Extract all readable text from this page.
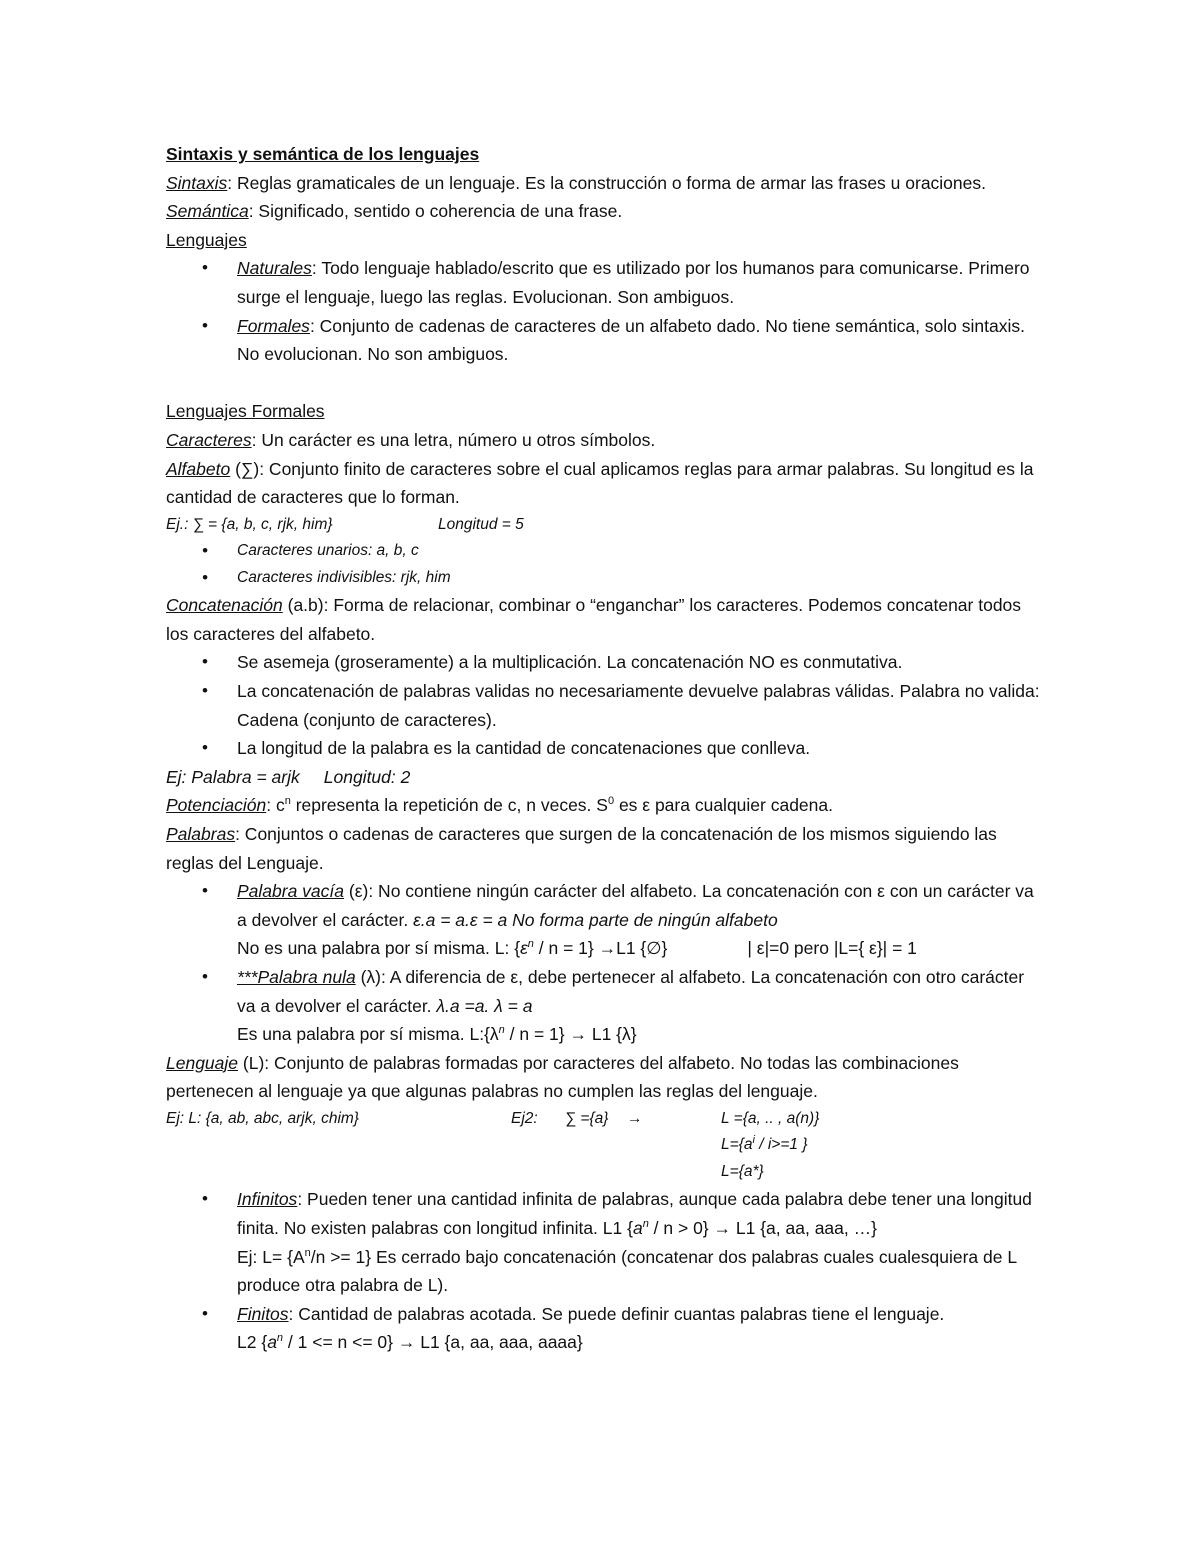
Sintaxis y semántica de los lenguajes

Sintaxis: Reglas gramaticales de un lenguaje. Es la construcción o forma de armar las frases u oraciones.

Semántica: Significado, sentido o coherencia de una frase.

Lenguajes

• Naturales: Todo lenguaje hablado/escrito que es utilizado por los humanos para comunicarse. Primero surge el lenguaje, luego las reglas. Evolucionan. Son ambiguos.
• Formales: Conjunto de cadenas de caracteres de un alfabeto dado. No tiene semántica, solo sintaxis. No evolucionan. No son ambiguos.

Lenguajes Formales

Caracteres: Un carácter es una letra, número u otros símbolos.

Alfabeto (∑): Conjunto finito de caracteres sobre el cual aplicamos reglas para armar palabras. Su longitud es la cantidad de caracteres que lo forman.

Ej.: ∑ = {a, b, c, rjk, him}	Longitud = 5

• Caracteres unarios: a, b, c
• Caracteres indivisibles: rjk, him

Concatenación (a.b): Forma de relacionar, combinar o “enganchar” los caracteres. Podemos concatenar todos los caracteres del alfabeto.

• Se asemeja (groseramente) a la multiplicación. La concatenación NO es conmutativa.
• La concatenación de palabras validas no necesariamente devuelve palabras válidas. Palabra no valida: Cadena (conjunto de caracteres).
• La longitud de la palabra es la cantidad de concatenaciones que conlleva.

Ej: Palabra = arjk Longitud: 2

Potenciación: $c^n$ representa la repetición de c, n veces. $S^0$ es ε para cualquier cadena.

Palabras: Conjuntos o cadenas de caracteres que surgen de la concatenación de los mismos siguiendo las reglas del Lenguaje.

• Palabra vacía (ε): No contiene ningún carácter del alfabeto. La concatenación con ε con un carácter va a devolver el carácter. ε.a = a.ε = a No forma parte de ningún alfabeto
No es una palabra por sí misma. L: $\{\varepsilon^n / n = 1\} \to L1$ {∅}	| ε|=0 pero |L={ ε}| = 1
• ***Palabra nula (λ): A diferencia de ε, debe pertenecer al alfabeto. La concatenación con otro carácter va a devolver el carácter. λ.a =a. λ = a
Es una palabra por sí misma. $L:\{\lambda^n / n = 1\} \to L1$ {λ}

Lenguaje (L): Conjunto de palabras formadas por caracteres del alfabeto. No todas las combinaciones pertenecen al lenguaje ya que algunas palabras no cumplen las reglas del lenguaje.

Ej: L: {a, ab, abc, arjk, chim}	Ej2: ∑ ={a} →	L ={a, .. , a(n)}
$L=\{a^i / i>=1$ }
L={a*}
• Infinitos: Pueden tener una cantidad infinita de palabras, aunque cada palabra debe tener una longitud finita. No existen palabras con longitud infinita. L1 $\{a^n / n > 0\} \to L1$ {a, aa, aaa, …}
Ej: $L= \{A^n/n >= 1\}$ Es cerrado bajo concatenación (concatenar dos palabras cuales cualesquiera de L produce otra palabra de L).
• Finitos: Cantidad de palabras acotada. Se puede definir cuantas palabras tiene el lenguaje.
L2 $\{a^n / 1 <= n <= 0\} \to L1$ {a, aa, aaa, aaaa}
